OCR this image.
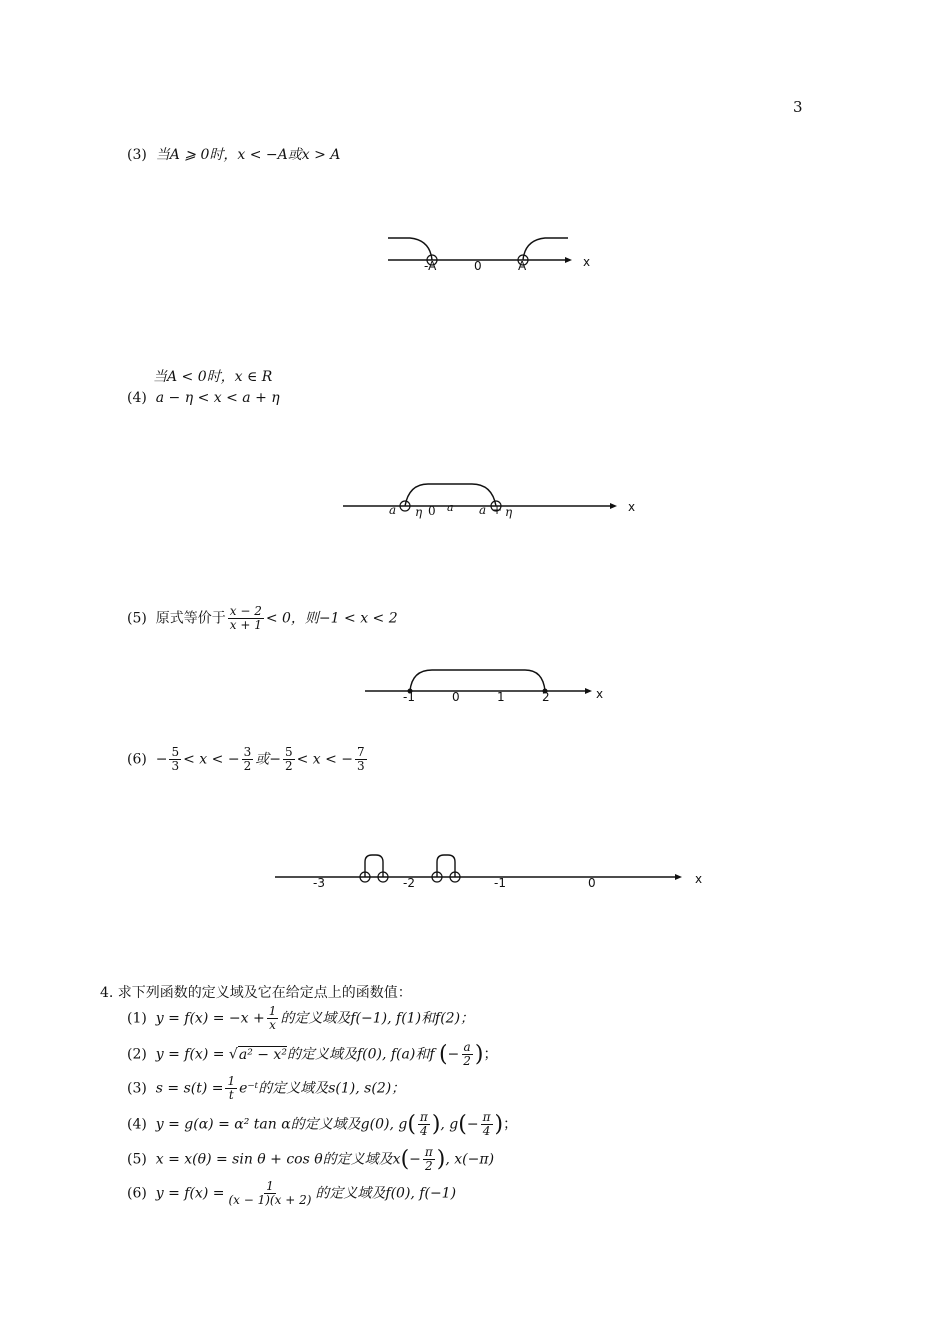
3
(3) 当A ⩾ 0时，x < −A或x > A
x
-A	0	A
当A < 0时，x ∈ R
(4) a − η < x < a + η
x
a η 0 a a + η
(5) 原式等价于 $\frac{x - 2}{x + 1} < 0$，则−1 < x < 2
x
-1	0	1	2
$(6) - \frac{5}{3} < x$ < − $\frac{3}{2}$ 或− $\frac{5}{2} < x$ < − $\frac{7}{3}$
x
-3	-2	-1	0
4. 求下列函数的定义域及它在给定点上的函数值：
(1) $y = f(x) = -x + \frac{1}{x}$ 的定义域及f(−1), f(1)和f(2)；
(2) y = f(x) = √a² − x²的定义域及f(0), f(a)和f (− $\frac{a}{2}$ )；
(3) $s = s(t) = \frac{1}{t}$ e⁻ᵗ的定义域及s(1), s(2)；
(4) y = g(α) = α² tan α的定义域及g(0), $g( \frac{\pi}{4}$ ), $g(- \frac{\pi}{4}$ )；
(5) x = x(θ) = sin θ + cos θ的定义域及$x(- \frac{\pi}{2}$ ), x(−π)
(6) $y = f(x) = \frac{1}{(x - 1)(x + 2)}$ 的定义域及f(0), f(−1)
